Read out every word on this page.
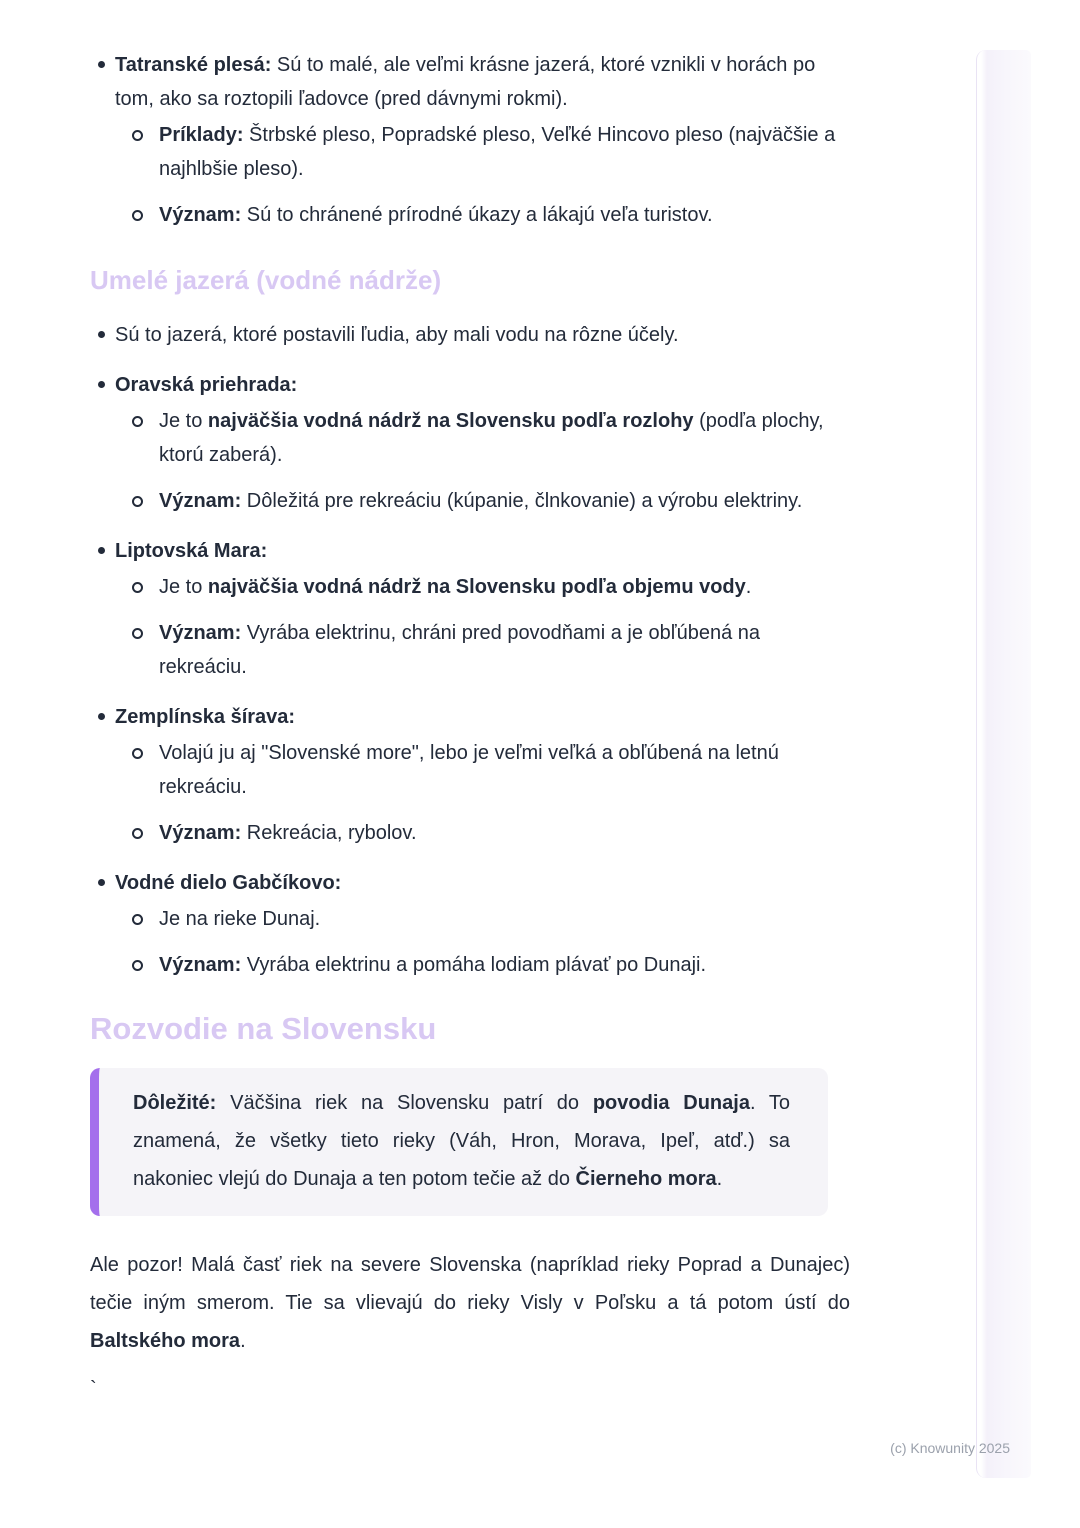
Tatranské plesá: Sú to malé, ale veľmi krásne jazerá, ktoré vznikli v horách po tom, ako sa roztopili ľadovce (pred dávnymi rokmi).
Príklady: Štrbské pleso, Popradské pleso, Veľké Hincovo pleso (najväčšie a najhlbšie pleso).
Význam: Sú to chránené prírodné úkazy a lákajú veľa turistov.
Umelé jazerá (vodné nádrže)
Sú to jazerá, ktoré postavili ľudia, aby mali vodu na rôzne účely.
Oravská priehrada:
Je to najväčšia vodná nádrž na Slovensku podľa rozlohy (podľa plochy, ktorú zaberá).
Význam: Dôležitá pre rekreáciu (kúpanie, člnkovanie) a výrobu elektriny.
Liptovská Mara:
Je to najväčšia vodná nádrž na Slovensku podľa objemu vody.
Význam: Vyrába elektrinu, chráni pred povodňami a je obľúbená na rekreáciu.
Zemplínska šírava:
Volajú ju aj "Slovenské more", lebo je veľmi veľká a obľúbená na letnú rekreáciu.
Význam: Rekreácia, rybolov.
Vodné dielo Gabčíkovo:
Je na rieke Dunaj.
Význam: Vyrába elektrinu a pomáha lodiam plávať po Dunaji.
Rozvodie na Slovensku
Dôležité: Väčšina riek na Slovensku patrí do povodia Dunaja. To znamená, že všetky tieto rieky (Váh, Hron, Morava, Ipeľ, atď.) sa nakoniec vlejú do Dunaja a ten potom tečie až do Čierneho mora.
Ale pozor! Malá časť riek na severe Slovenska (napríklad rieky Poprad a Dunajec) tečie iným smerom. Tie sa vlievajú do rieky Visly v Poľsku a tá potom ústí do Baltského mora.
`
(c) Knowunity 2025
